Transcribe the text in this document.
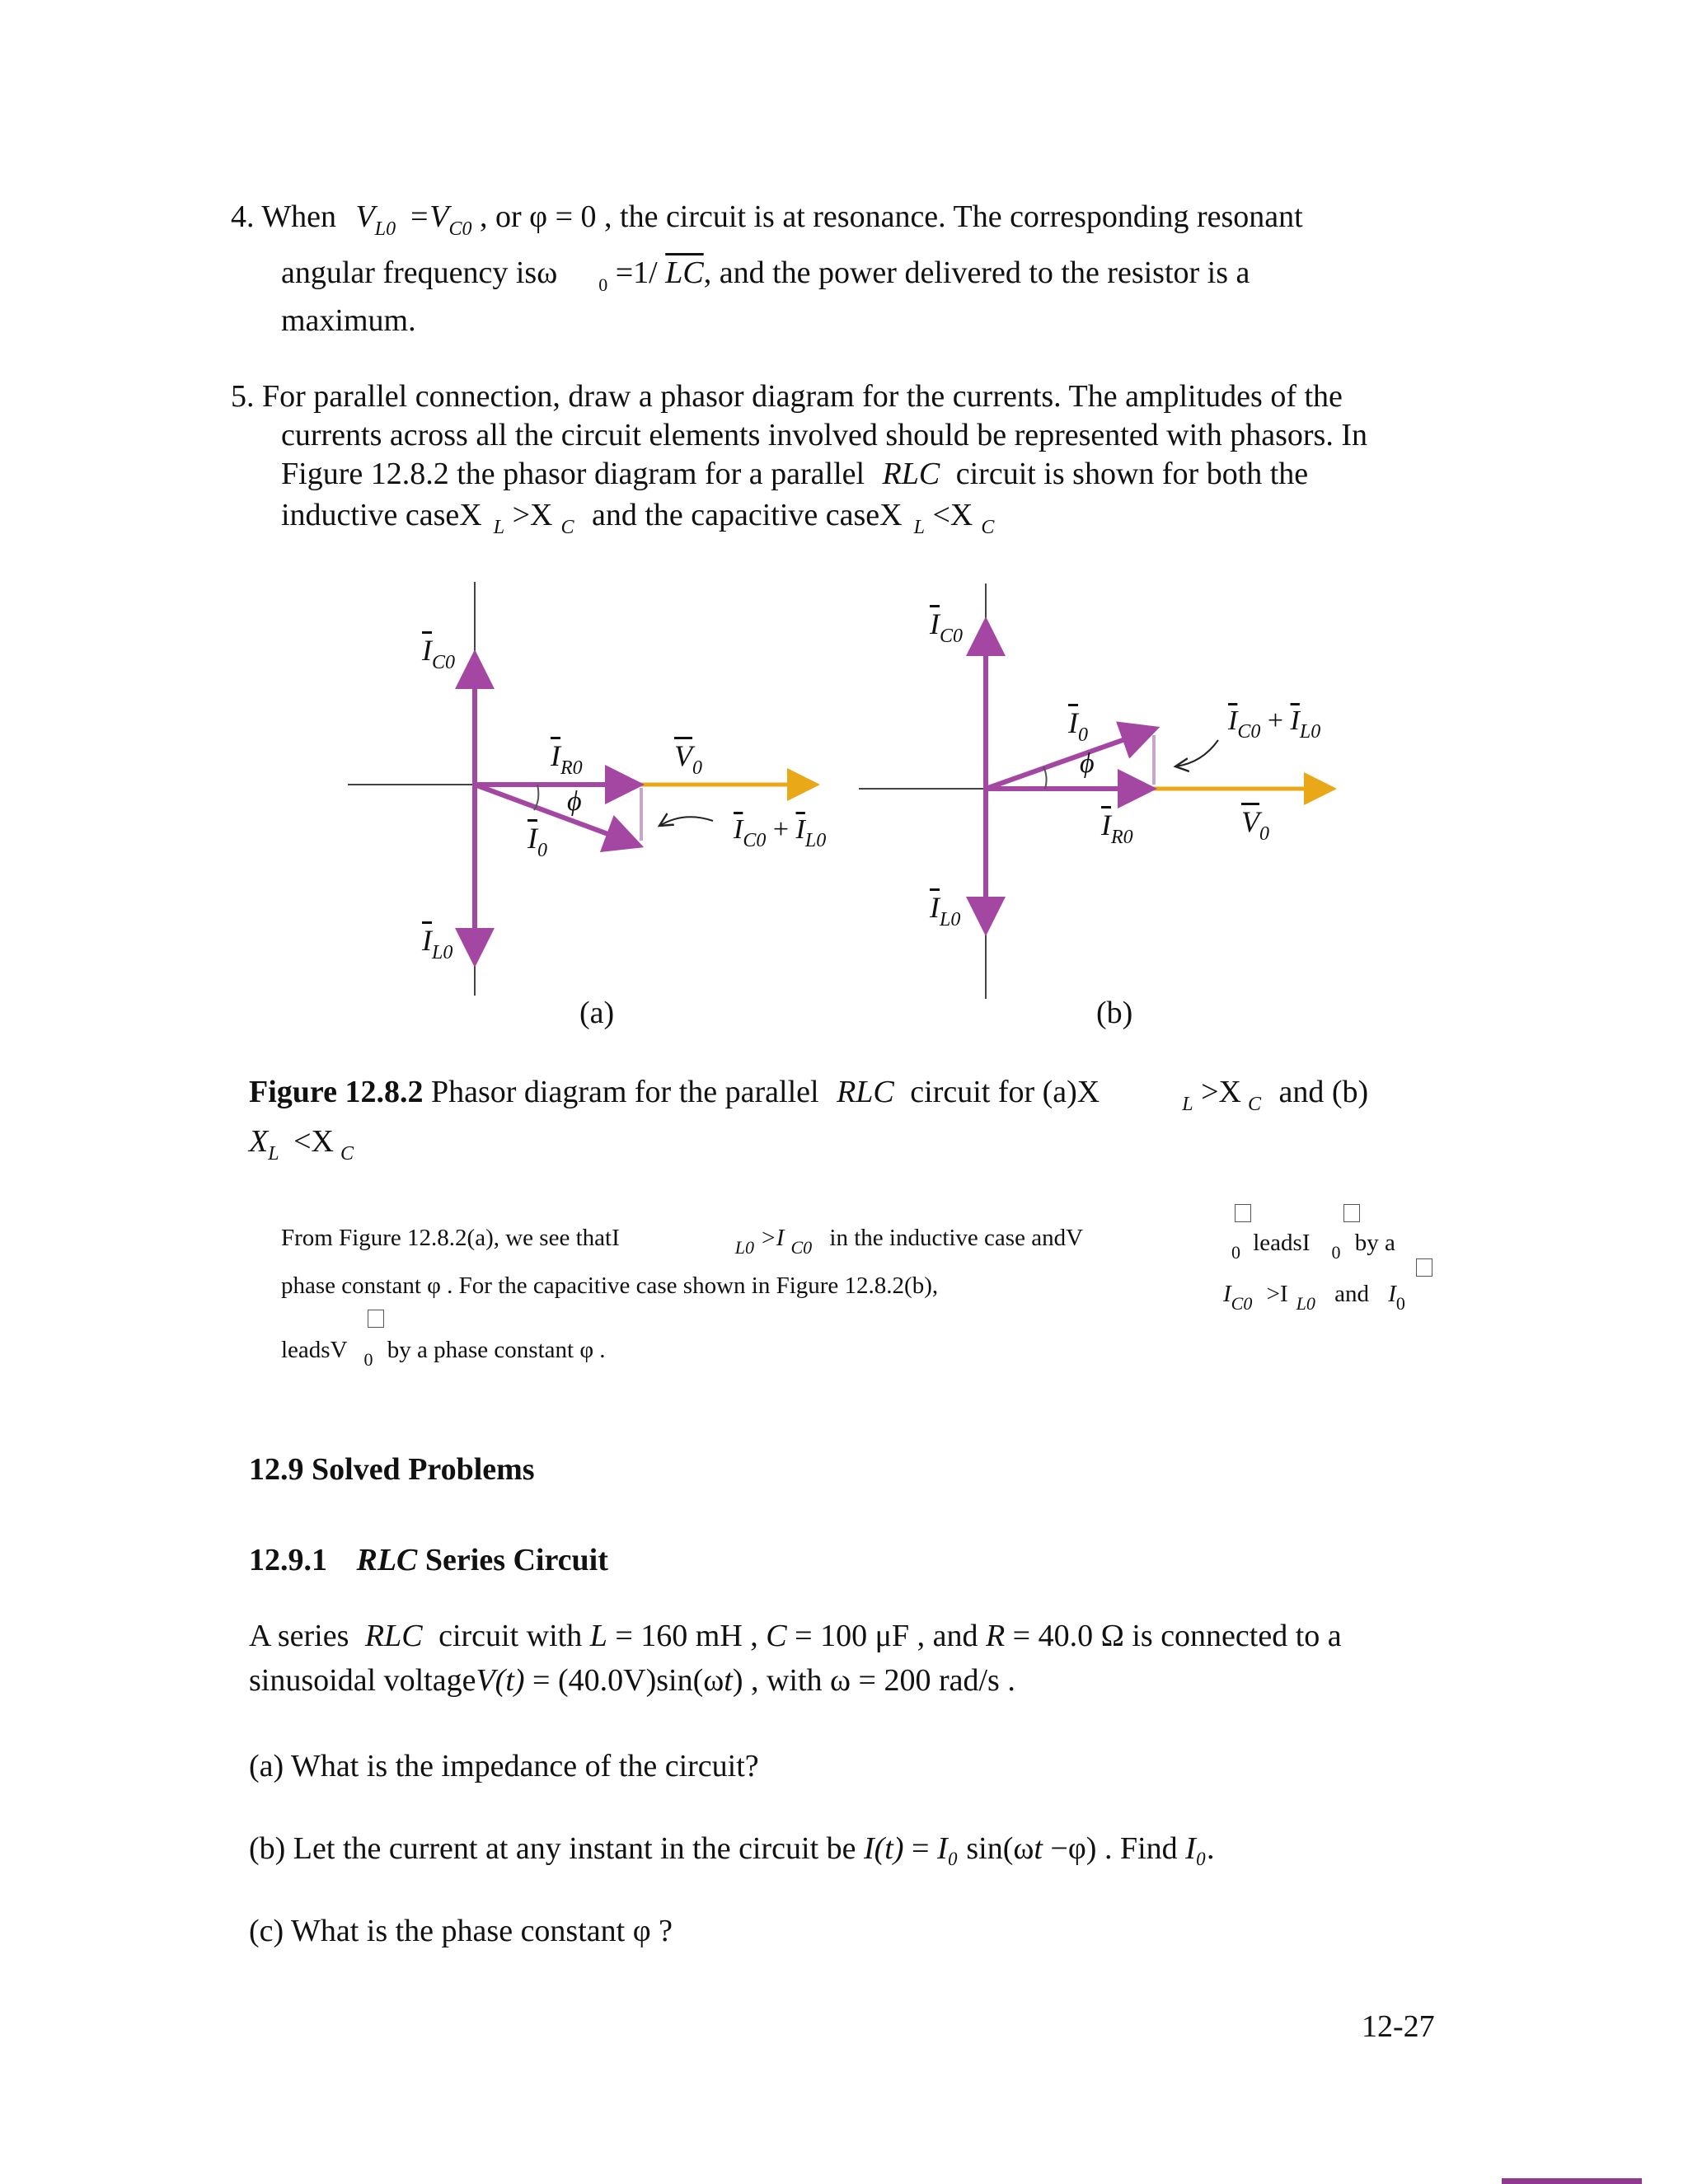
4. When $V_{L0} =V_{C0}$ , or φ = 0 , the circuit is at resonance. The corresponding resonant
angular frequency isω $_0$ =1/ $\overline{LC}$, and the power delivered to the resistor is a
maximum.
5. For parallel connection, draw a phasor diagram for the currents. The amplitudes of the
currents across all the circuit elements involved should be represented with phasors. In
Figure 12.8.2 the phasor diagram for a parallel RLC circuit is shown for both the
inductive caseX $_L$ >X $_C$ and the capacitive caseX $_L$ <X $_C$
$\overline{I}_{C0}$
$\overline{I}_{R0}$	$\overline{V}_0$
ϕ
$\overline{I}_0$
$\overline{I}_{C0} + \overline{I}_{L0}$
$\overline{I}_{L0}$
(a)
$\overline{I}_{C0}$
$\overline{I}_0$	$\overline{I}_{C0} + \overline{I}_{L0}$
ϕ
$\overline{I}_{R0}$	$\overline{V}_0$
$\overline{I}_{L0}$
(b)
Figure 12.8.2 Phasor diagram for the parallel RLC circuit for (a)X	$_L$ >X $_C$ and (b)
$X_L <X$ $_C$
From Figure 12.8.2(a), we see thatI	$_{L0}$ >I $_{C0}$ in the inductive case andV
$_0$ leadsI $_0$ by a
phase constant φ . For the capacitive case shown in Figure 12.8.2(b),	$I_{C0} >I$ $_{L0}$ and $I_0$
leadsV $_0$ by a phase constant φ .
12.9 Solved Problems
12.9.1 RLC Series Circuit
A series RLC circuit with L = 160 mH , C = 100 μF , and R = 40.0 Ω is connected to a
sinusoidal voltageV(t) = (40.0V)sin(ωt) , with ω = 200 rad/s .
(a) What is the impedance of the circuit?
(b) Let the current at any instant in the circuit be I(t) = I₀ sin(ωt −φ) . Find I₀.
(c) What is the phase constant φ ?
12-27
